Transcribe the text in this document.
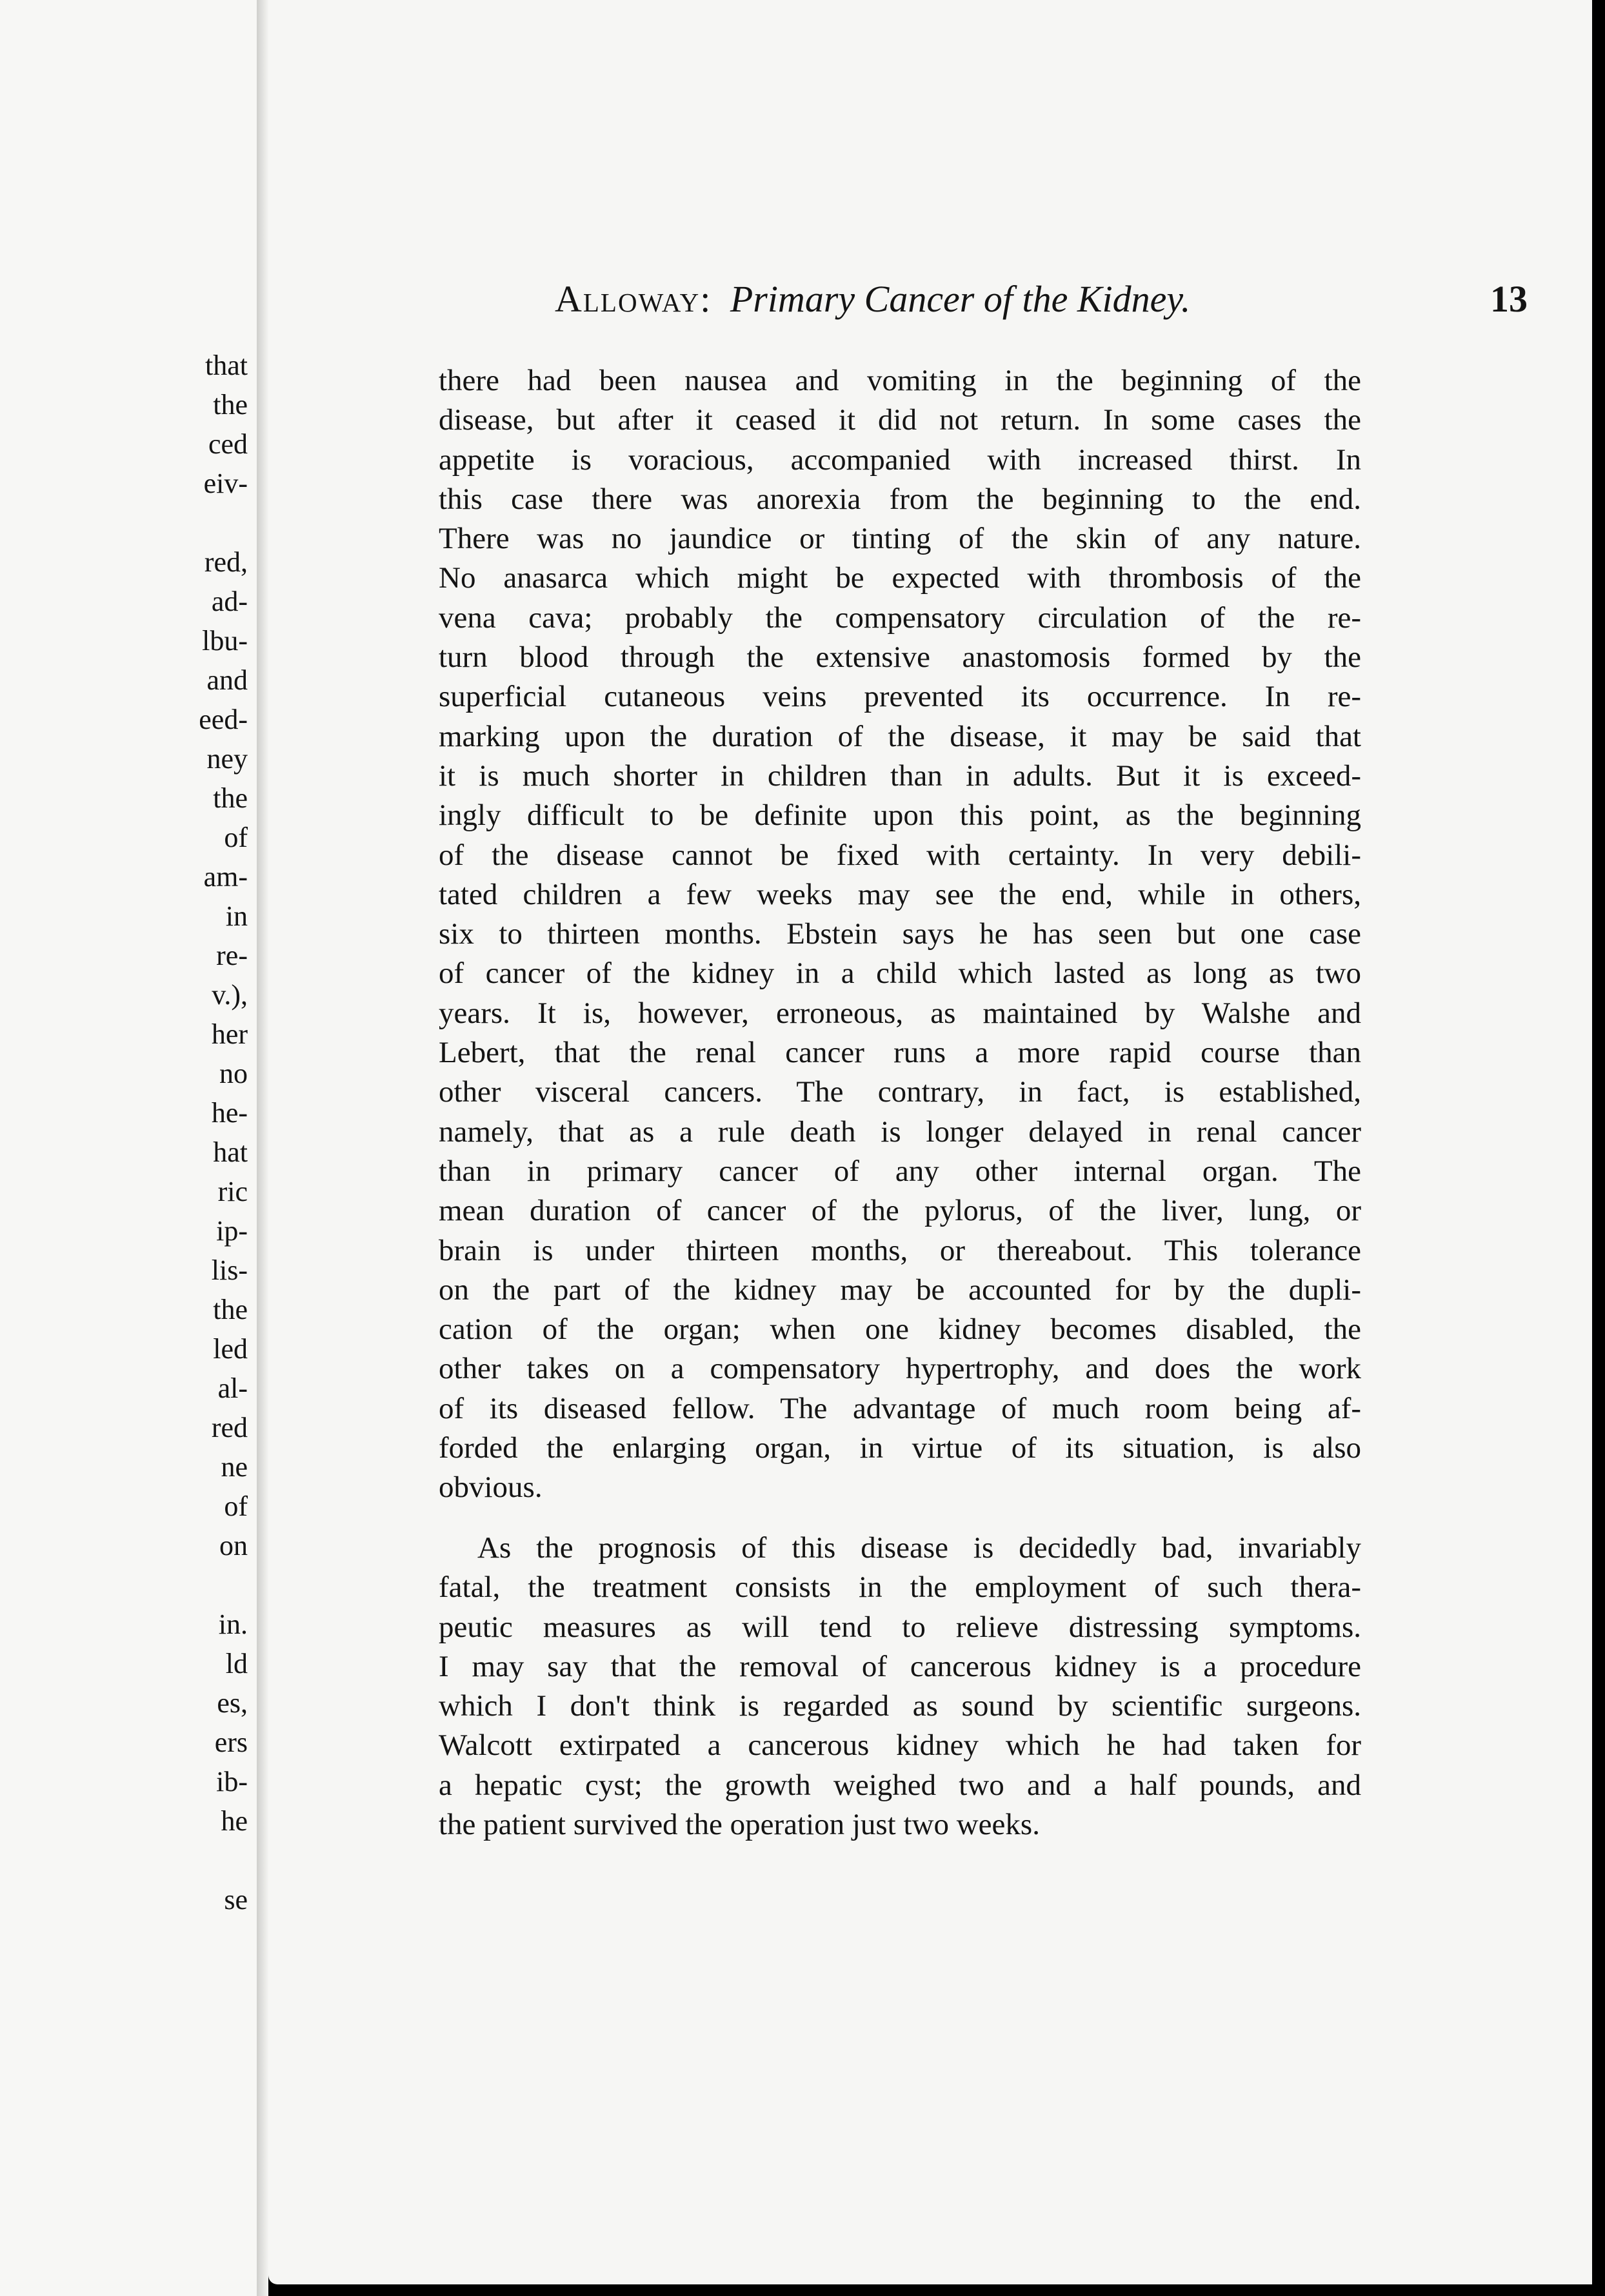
that
the
ced
eiv-
red,
ad-
lbu-
and
eed-
ney
the
of
am-
in
re-
v.),
her
no
he-
hat
ric
ip-
lis-
the
led
al-
red
ne
of
on
in.
ld
es,
ers
ib-
he
se
Alloway: Primary Cancer of the Kidney.	13
there had been nausea and vomiting in the beginning of the
disease, but after it ceased it did not return. In some cases the
appetite is voracious, accompanied with increased thirst. In
this case there was anorexia from the beginning to the end.
There was no jaundice or tinting of the skin of any nature.
No anasarca which might be expected with thrombosis of the
vena cava; probably the compensatory circulation of the re-
turn blood through the extensive anastomosis formed by the
superficial cutaneous veins prevented its occurrence. In re-
marking upon the duration of the disease, it may be said that
it is much shorter in children than in adults. But it is exceed-
ingly difficult to be definite upon this point, as the beginning
of the disease cannot be fixed with certainty. In very debili-
tated children a few weeks may see the end, while in others,
six to thirteen months. Ebstein says he has seen but one case
of cancer of the kidney in a child which lasted as long as two
years. It is, however, erroneous, as maintained by Walshe and
Lebert, that the renal cancer runs a more rapid course than
other visceral cancers. The contrary, in fact, is established,
namely, that as a rule death is longer delayed in renal cancer
than in primary cancer of any other internal organ. The
mean duration of cancer of the pylorus, of the liver, lung, or
brain is under thirteen months, or thereabout. This tolerance
on the part of the kidney may be accounted for by the dupli-
cation of the organ; when one kidney becomes disabled, the
other takes on a compensatory hypertrophy, and does the work
of its diseased fellow. The advantage of much room being af-
forded the enlarging organ, in virtue of its situation, is also
obvious.
As the prognosis of this disease is decidedly bad, invariably
fatal, the treatment consists in the employment of such thera-
peutic measures as will tend to relieve distressing symptoms.
I may say that the removal of cancerous kidney is a procedure
which I don't think is regarded as sound by scientific surgeons.
Walcott extirpated a cancerous kidney which he had taken for
a hepatic cyst; the growth weighed two and a half pounds, and
the patient survived the operation just two weeks.
